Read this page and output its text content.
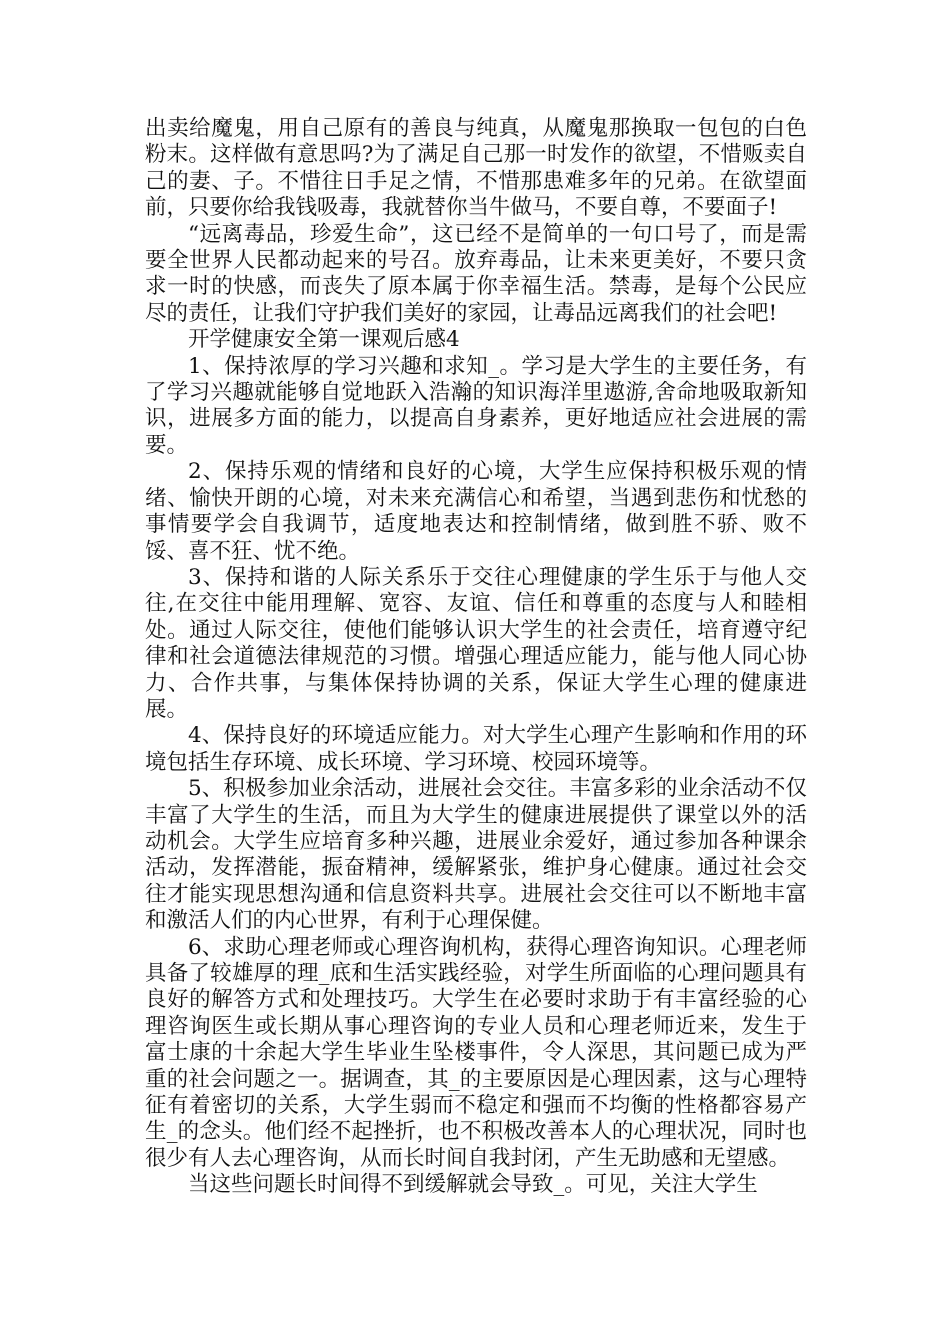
出卖给魔鬼，用自己原有的善良与纯真，从魔鬼那换取一包包的白色粉末。这样做有意思吗?为了满足自己那一时发作的欲望，不惜贩卖自己的妻、子。不惜往日手足之情，不惜那患难多年的兄弟。在欲望面前，只要你给我钱吸毒，我就替你当牛做马，不要自尊，不要面子!

“远离毒品，珍爱生命”，这已经不是简单的一句口号了，而是需要全世界人民都动起来的号召。放弃毒品，让未来更美好，不要只贪求一时的快感，而丧失了原本属于你幸福生活。禁毒，是每个公民应尽的责任，让我们守护我们美好的家园，让毒品远离我们的社会吧!

开学健康安全第一课观后感4

1、保持浓厚的学习兴趣和求知_。学习是大学生的主要任务，有了学习兴趣就能够自觉地跃入浩瀚的知识海洋里遨游,舍命地吸取新知识，进展多方面的能力，以提高自身素养，更好地适应社会进展的需要。

2、保持乐观的情绪和良好的心境，大学生应保持积极乐观的情绪、愉快开朗的心境，对未来充满信心和希望，当遇到悲伤和忧愁的事情要学会自我调节，适度地表达和控制情绪，做到胜不骄、败不馁、喜不狂、忧不绝。

3、保持和谐的人际关系乐于交往心理健康的学生乐于与他人交往,在交往中能用理解、宽容、友谊、信任和尊重的态度与人和睦相处。通过人际交往，使他们能够认识大学生的社会责任，培育遵守纪律和社会道德法律规范的习惯。增强心理适应能力，能与他人同心协力、合作共事，与集体保持协调的关系，保证大学生心理的健康进展。

4、保持良好的环境适应能力。对大学生心理产生影响和作用的环境包括生存环境、成长环境、学习环境、校园环境等。

5、积极参加业余活动，进展社会交往。丰富多彩的业余活动不仅丰富了大学生的生活，而且为大学生的健康进展提供了课堂以外的活动机会。大学生应培育多种兴趣，进展业余爱好，通过参加各种课余活动，发挥潜能，振奋精神，缓解紧张，维护身心健康。通过社会交往才能实现思想沟通和信息资料共享。进展社会交往可以不断地丰富和激活人们的内心世界，有利于心理保健。

6、求助心理老师或心理咨询机构，获得心理咨询知识。心理老师具备了较雄厚的理_底和生活实践经验，对学生所面临的心理问题具有良好的解答方式和处理技巧。大学生在必要时求助于有丰富经验的心理咨询医生或长期从事心理咨询的专业人员和心理老师近来，发生于富士康的十余起大学生毕业生坠楼事件，令人深思，其问题已成为严重的社会问题之一。据调查，其_的主要原因是心理因素，这与心理特征有着密切的关系，大学生弱而不稳定和强而不均衡的性格都容易产生_的念头。他们经不起挫折，也不积极改善本人的心理状况，同时也很少有人去心理咨询，从而长时间自我封闭，产生无助感和无望感。

当这些问题长时间得不到缓解就会导致_。可见，关注大学生
